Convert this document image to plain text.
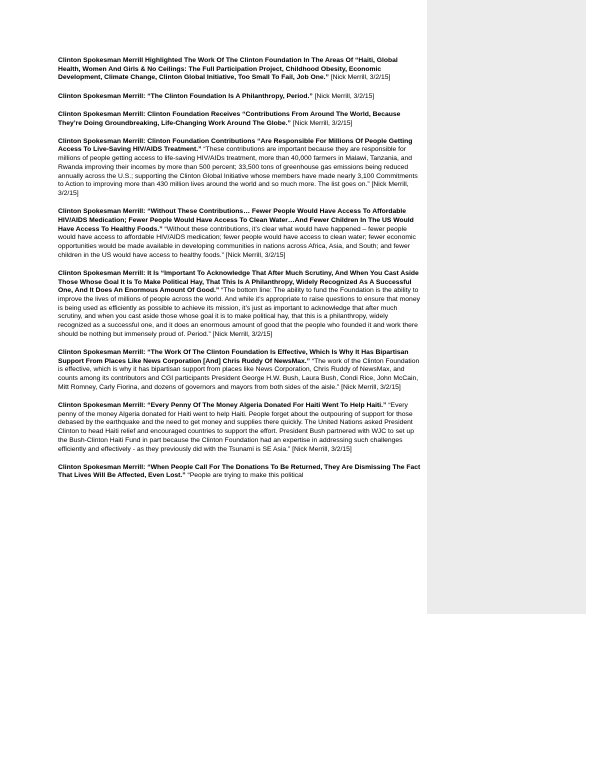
Clinton Spokesman Merrill Highlighted The Work Of The Clinton Foundation In The Areas Of “Haiti, Global Health, Women And Girls & No Ceilings: The Full Participation Project, Childhood Obesity, Economic Development, Climate Change, Clinton Global Initiative, Too Small To Fail, Job One.” [Nick Merrill, 3/2/15]

Clinton Spokesman Merrill: “The Clinton Foundation Is A Philanthropy, Period.” [Nick Merrill, 3/2/15]

Clinton Spokesman Merrill: Clinton Foundation Receives “Contributions From Around The World, Because They’re Doing Groundbreaking, Life-Changing Work Around The Globe.” [Nick Merrill, 3/2/15]

Clinton Spokesman Merrill: Clinton Foundation Contributions “Are Responsible For Millions Of People Getting Access To Live-Saving HIV/AIDS Treatment.” “These contributions are important because they are responsible for millions of people getting access to life-saving HIV/AIDs treatment, more than 40,000 farmers in Malawi, Tanzania, and Rwanda improving their incomes by more than 500 percent; 33,500 tons of greenhouse gas emissions being reduced annually across the U.S.; supporting the Clinton Global Initiative whose members have made nearly 3,100 Commitments to Action to improving more than 430 million lives around the world and so much more. The list goes on.” [Nick Merrill, 3/2/15]

Clinton Spokesman Merrill: “Without These Contributions… Fewer People Would Have Access To Affordable HIV/AIDS Medication; Fewer People Would Have Access To Clean Water…And Fewer Children In The US Would Have Access To Healthy Foods.” “Without these contributions, it’s clear what would have happened – fewer people would have access to affordable HIV/AIDS medication; fewer people would have access to clean water; fewer economic opportunities would be made available in developing communities in nations across Africa, Asia, and South; and fewer children in the US would have access to healthy foods.” [Nick Merrill, 3/2/15]

Clinton Spokesman Merrill: It Is “Important To Acknowledge That After Much Scrutiny, And When You Cast Aside Those Whose Goal It Is To Make Political Hay, That This Is A Philanthropy, Widely Recognized As A Successful One, And It Does An Enormous Amount Of Good.” “The bottom line: The ability to fund the Foundation is the ability to improve the lives of millions of people across the world. And while it’s appropriate to raise questions to ensure that money is being used as efficiently as possible to achieve its mission, it’s just as important to acknowledge that after much scrutiny, and when you cast aside those whose goal it is to make political hay, that this is a philanthropy, widely recognized as a successful one, and it does an enormous amount of good that the people who founded it and work there should be nothing but immensely proud of. Period.” [Nick Merrill, 3/2/15]

Clinton Spokesman Merrill: “The Work Of The Clinton Foundation Is Effective, Which Is Why It Has Bipartisan Support From Places Like News Corporation [And] Chris Ruddy Of NewsMax.” “The work of the Clinton Foundation is effective, which is why it has bipartisan support from places like News Corporation, Chris Ruddy of NewsMax, and counts among its contributors and CGI participants President George H.W. Bush, Laura Bush, Condi Rice, John McCain, Mitt Romney, Carly Fiorina, and dozens of governors and mayors from both sides of the aisle.” [Nick Merrill, 3/2/15]

Clinton Spokesman Merrill: “Every Penny Of The Money Algeria Donated For Haiti Went To Help Haiti.” “Every penny of the money Algeria donated for Haiti went to help Haiti. People forget about the outpouring of support for those debased by the earthquake and the need to get money and supplies there quickly. The United Nations asked President Clinton to head Haiti relief and encouraged countries to support the effort. President Bush partnered with WJC to set up the Bush-Clinton Haiti Fund in part because the Clinton Foundation had an expertise in addressing such challenges efficiently and effectively - as they previously did with the Tsunami is SE Asia.” [Nick Merrill, 3/2/15]

Clinton Spokesman Merrill: “When People Call For The Donations To Be Returned, They Are Dismissing The Fact That Lives Will Be Affected, Even Lost.” “People are trying to make this political
